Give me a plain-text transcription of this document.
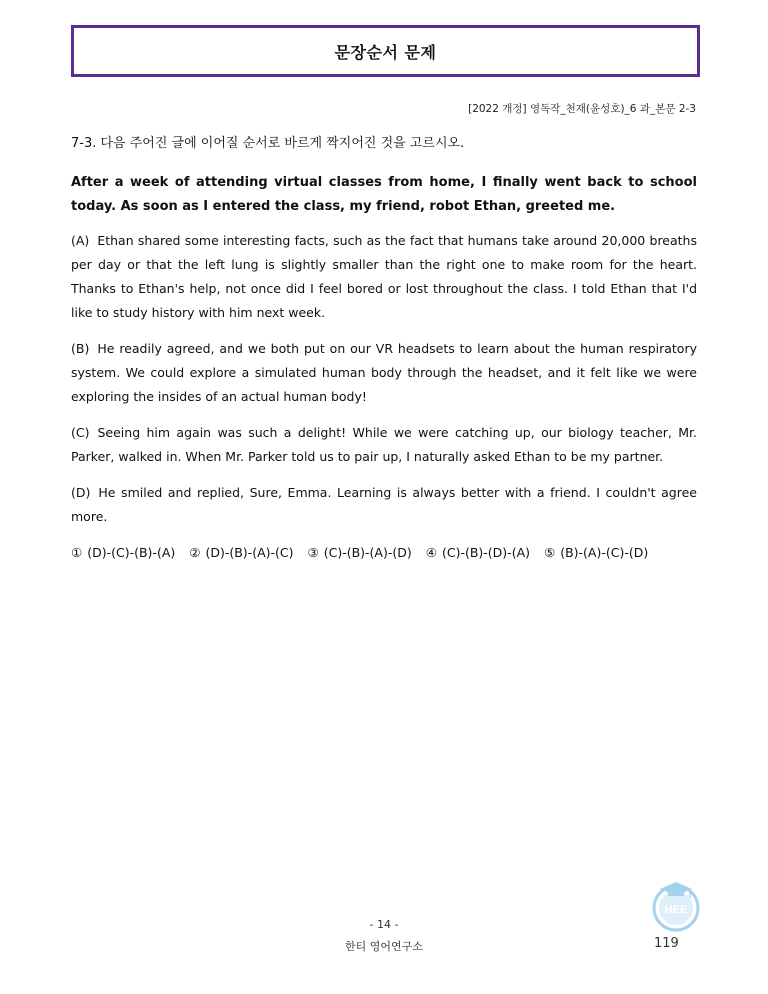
문장순서 문제
[2022 개정] 영독작_천재(윤성호)_6 과_본문 2-3

7-3. 다음 주어진 글에 이어질 순서로 바르게 짝지어진 것을 고르시오.

After a week of attending virtual classes from home, I finally went back to school today. As soon as I entered the class, my friend, robot Ethan, greeted me.

(A) Ethan shared some interesting facts, such as the fact that humans take around 20,000 breaths per day or that the left lung is slightly smaller than the right one to make room for the heart. Thanks to Ethan's help, not once did I feel bored or lost throughout the class. I told Ethan that I'd like to study history with him next week.

(B) He readily agreed, and we both put on our VR headsets to learn about the human respiratory system. We could explore a simulated human body through the headset, and it felt like we were exploring the insides of an actual human body!

(C) Seeing him again was such a delight! While we were catching up, our biology teacher, Mr. Parker, walked in. When Mr. Parker told us to pair up, I naturally asked Ethan to be my partner.

(D) He smiled and replied, Sure, Emma. Learning is always better with a friend. I couldn't agree more.

① (D)-(C)-(B)-(A) ② (D)-(B)-(A)-(C) ③ (C)-(B)-(A)-(D) ④ (C)-(B)-(D)-(A) ⑤ (B)-(A)-(C)-(D)
HEE
- 14 -
한티 영어연구소	119
